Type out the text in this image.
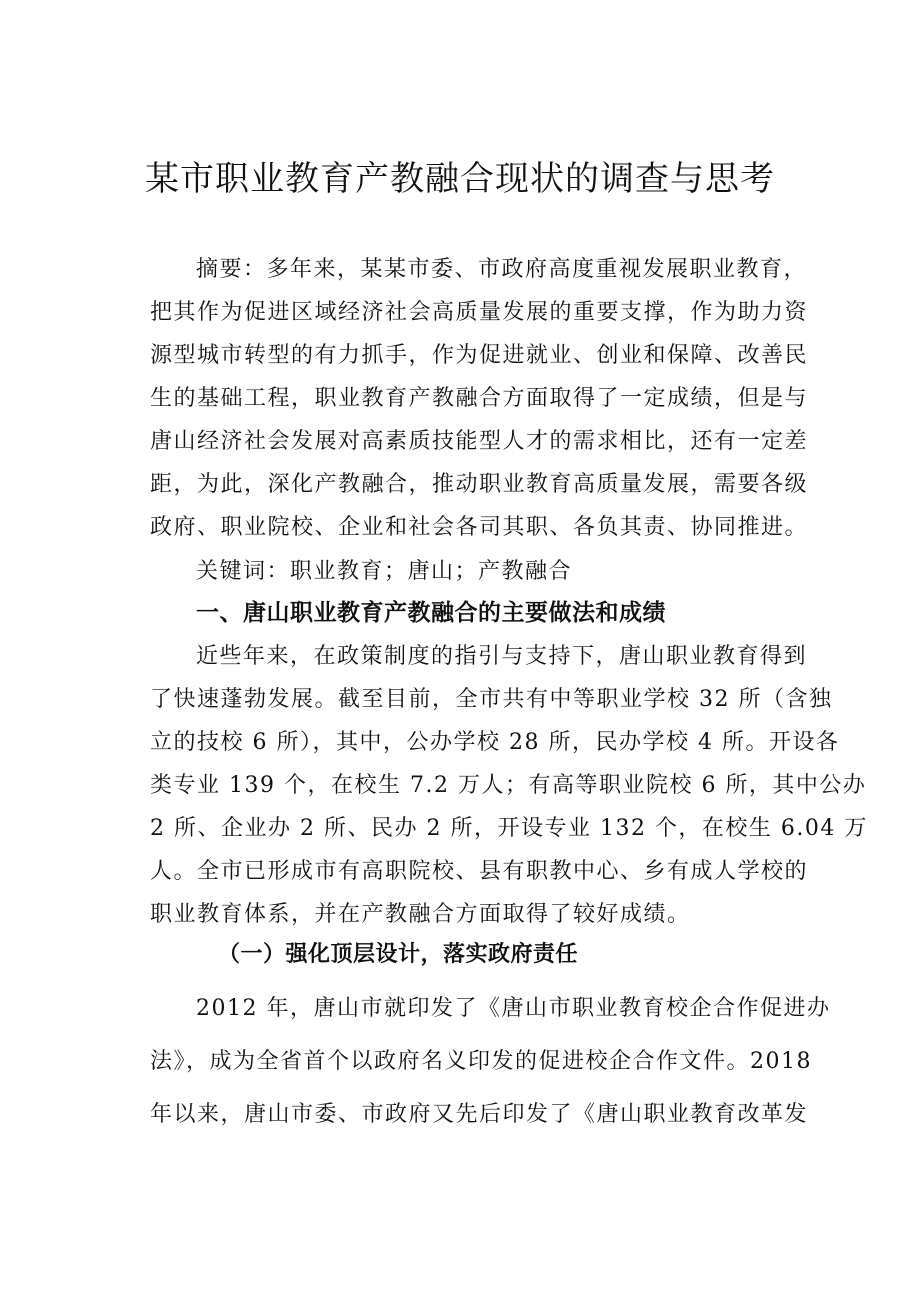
某市职业教育产教融合现状的调查与思考
摘要：多年来，某某市委、市政府高度重视发展职业教育，
把其作为促进区域经济社会高质量发展的重要支撑，作为助力资
源型城市转型的有力抓手，作为促进就业、创业和保障、改善民
生的基础工程，职业教育产教融合方面取得了一定成绩，但是与
唐山经济社会发展对高素质技能型人才的需求相比，还有一定差
距，为此，深化产教融合，推动职业教育高质量发展，需要各级
政府、职业院校、企业和社会各司其职、各负其责、协同推进。

关键词：职业教育；唐山；产教融合

一、唐山职业教育产教融合的主要做法和成绩
近些年来，在政策制度的指引与支持下，唐山职业教育得到
了快速蓬勃发展。截至目前，全市共有中等职业学校 32 所（含独
立的技校 6 所），其中，公办学校 28 所，民办学校 4 所。开设各
类专业 139 个，在校生 7.2 万人；有高等职业院校 6 所，其中公办
2 所、企业办 2 所、民办 2 所，开设专业 132 个，在校生 6.04 万
人。全市已形成市有高职院校、县有职教中心、乡有成人学校的
职业教育体系，并在产教融合方面取得了较好成绩。
（一）强化顶层设计，落实政府责任
2012 年，唐山市就印发了《唐山市职业教育校企合作促进办
法》，成为全省首个以政府名义印发的促进校企合作文件。2018
年以来，唐山市委、市政府又先后印发了《唐山职业教育改革发
